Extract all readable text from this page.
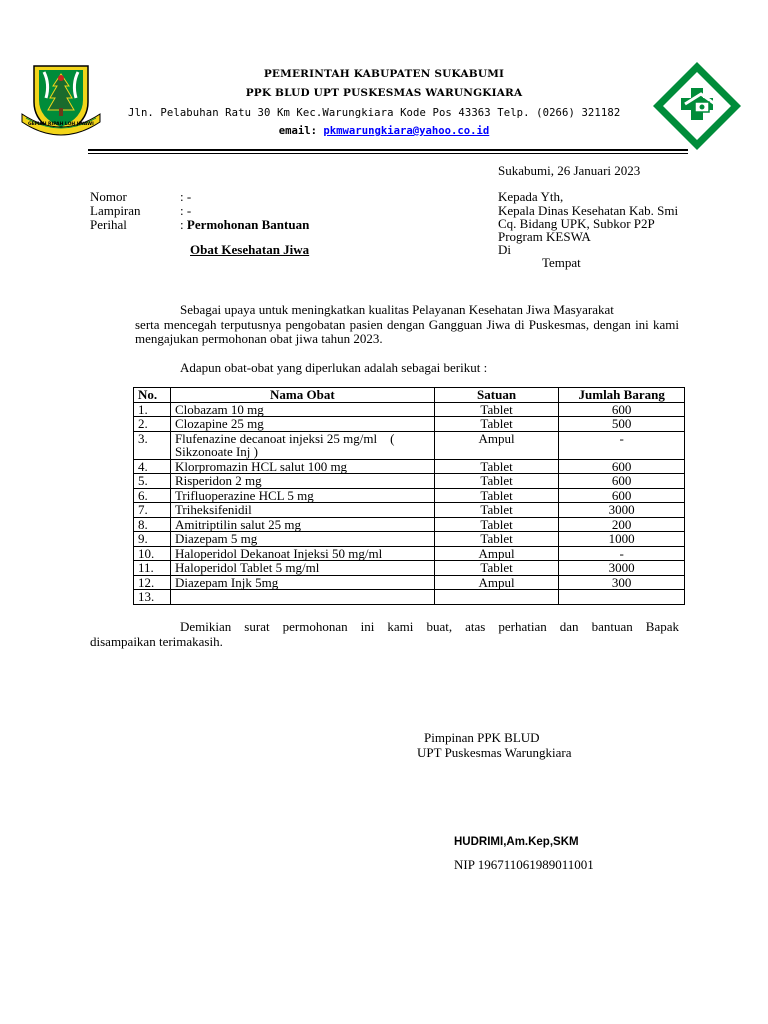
GEMAH RIPAH LOH JINAWI
PEMERINTAH KABUPATEN SUKABUMI
PPK BLUD UPT PUSKESMAS WARUNGKIARA
Jln. Pelabuhan Ratu 30 Km Kec.Warungkiara Kode Pos 43363 Telp. (0266) 321182
email: pkmwarungkiara@yahoo.co.id
Sukabumi, 26 Januari 2023
Nomor	: -
Lampiran	: -
Perihal	: Permohonan Bantuan
Obat Kesehatan Jiwa
Kepada Yth,
Kepala Dinas Kesehatan Kab. Smi
Cq. Bidang UPK, Subkor P2P
Program KESWA
Di
Tempat
Sebagai upaya untuk meningkatkan kualitas Pelayanan Kesehatan Jiwa Masyarakat
serta mencegah terputusnya pengobatan pasien dengan Gangguan Jiwa di Puskesmas, dengan ini kami mengajukan permohonan obat jiwa tahun 2023.
Adapun obat-obat yang diperlukan adalah sebagai berikut :
No.	Nama Obat	Satuan	Jumlah Barang
1.	Clobazam 10 mg	Tablet	600
2.	Clozapine 25 mg	Tablet	500
3.	Flufenazine decanoat injeksi 25 mg/ml    (
Sikzonoate Inj )	Ampul	-
4.	Klorpromazin HCL salut 100 mg	Tablet	600
5.	Risperidon 2 mg	Tablet	600
6.	Trifluoperazine HCL 5 mg	Tablet	600
7.	Triheksifenidil	Tablet	3000
8.	Amitriptilin salut 25 mg	Tablet	200
9.	Diazepam 5 mg	Tablet	1000
10.	Haloperidol Dekanoat Injeksi 50 mg/ml	Ampul	-
11.	Haloperidol Tablet 5 mg/ml	Tablet	3000
12.	Diazepam Injk 5mg	Ampul	300
13.			
Demikian surat permohonan ini kami buat, atas perhatian dan bantuan Bapak
disampaikan terimakasih.
Pimpinan PPK BLUD
UPT Puskesmas Warungkiara
HUDRIMI,Am.Kep,SKM
NIP 196711061989011001
